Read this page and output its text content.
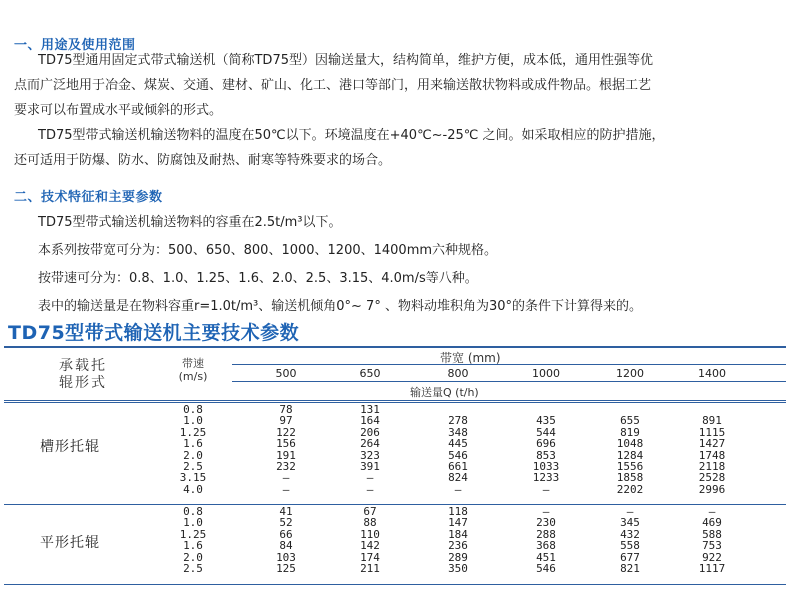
一、用途及使用范围

TD75型通用固定式带式输送机（简称TD75型）因输送量大，结构简单，维护方便，成本低，通用性强等优

点而广泛地用于冶金、煤炭、交通、建材、矿山、化工、港口等部门，用来输送散状物料或成件物品。根据工艺

要求可以布置成水平或倾斜的形式。

TD75型带式输送机输送物料的温度在50℃以下。环境温度在+40℃~-25℃ 之间。如采取相应的防护措施，

还可适用于防爆、防水、防腐蚀及耐热、耐寒等特殊要求的场合。

二、技术特征和主要参数
TD75型带式输送机输送物料的容重在2.5t/m³以下。
本系列按带宽可分为：500、650、800、1000、1200、1400mm六种规格。
按带速可分为：0.8、1.0、1.25、1.6、2.0、2.5、3.15、4.0m/s等八种。
表中的输送量是在物料容重r=1.0t/m³、输送机倾角0°~ 7° 、物料动堆积角为30°的条件下计算得来的。
TD75型带式输送机主要技术参数
承载托
辊形式
带速
(m/s)
带宽 (mm)
输送量Q (t/h)
500	650	800	1000	1200	1400
槽形托辊
平形托辊
0.8	78	131
1.0	97	164	278	435	655	891
1.25	122	206	348	544	819	1115
1.6	156	264	445	696	1048	1427
2.0	191	323	546	853	1284	1748
2.5	232	391	661	1033	1556	2118
3.15	–	–	824	1233	1858	2528
4.0	–	–	–	–	2202	2996
0.8	41	67	118	–	–	–
1.0	52	88	147	230	345	469
1.25	66	110	184	288	432	588
1.6	84	142	236	368	558	753
2.0	103	174	289	451	677	922
2.5	125	211	350	546	821	1117
